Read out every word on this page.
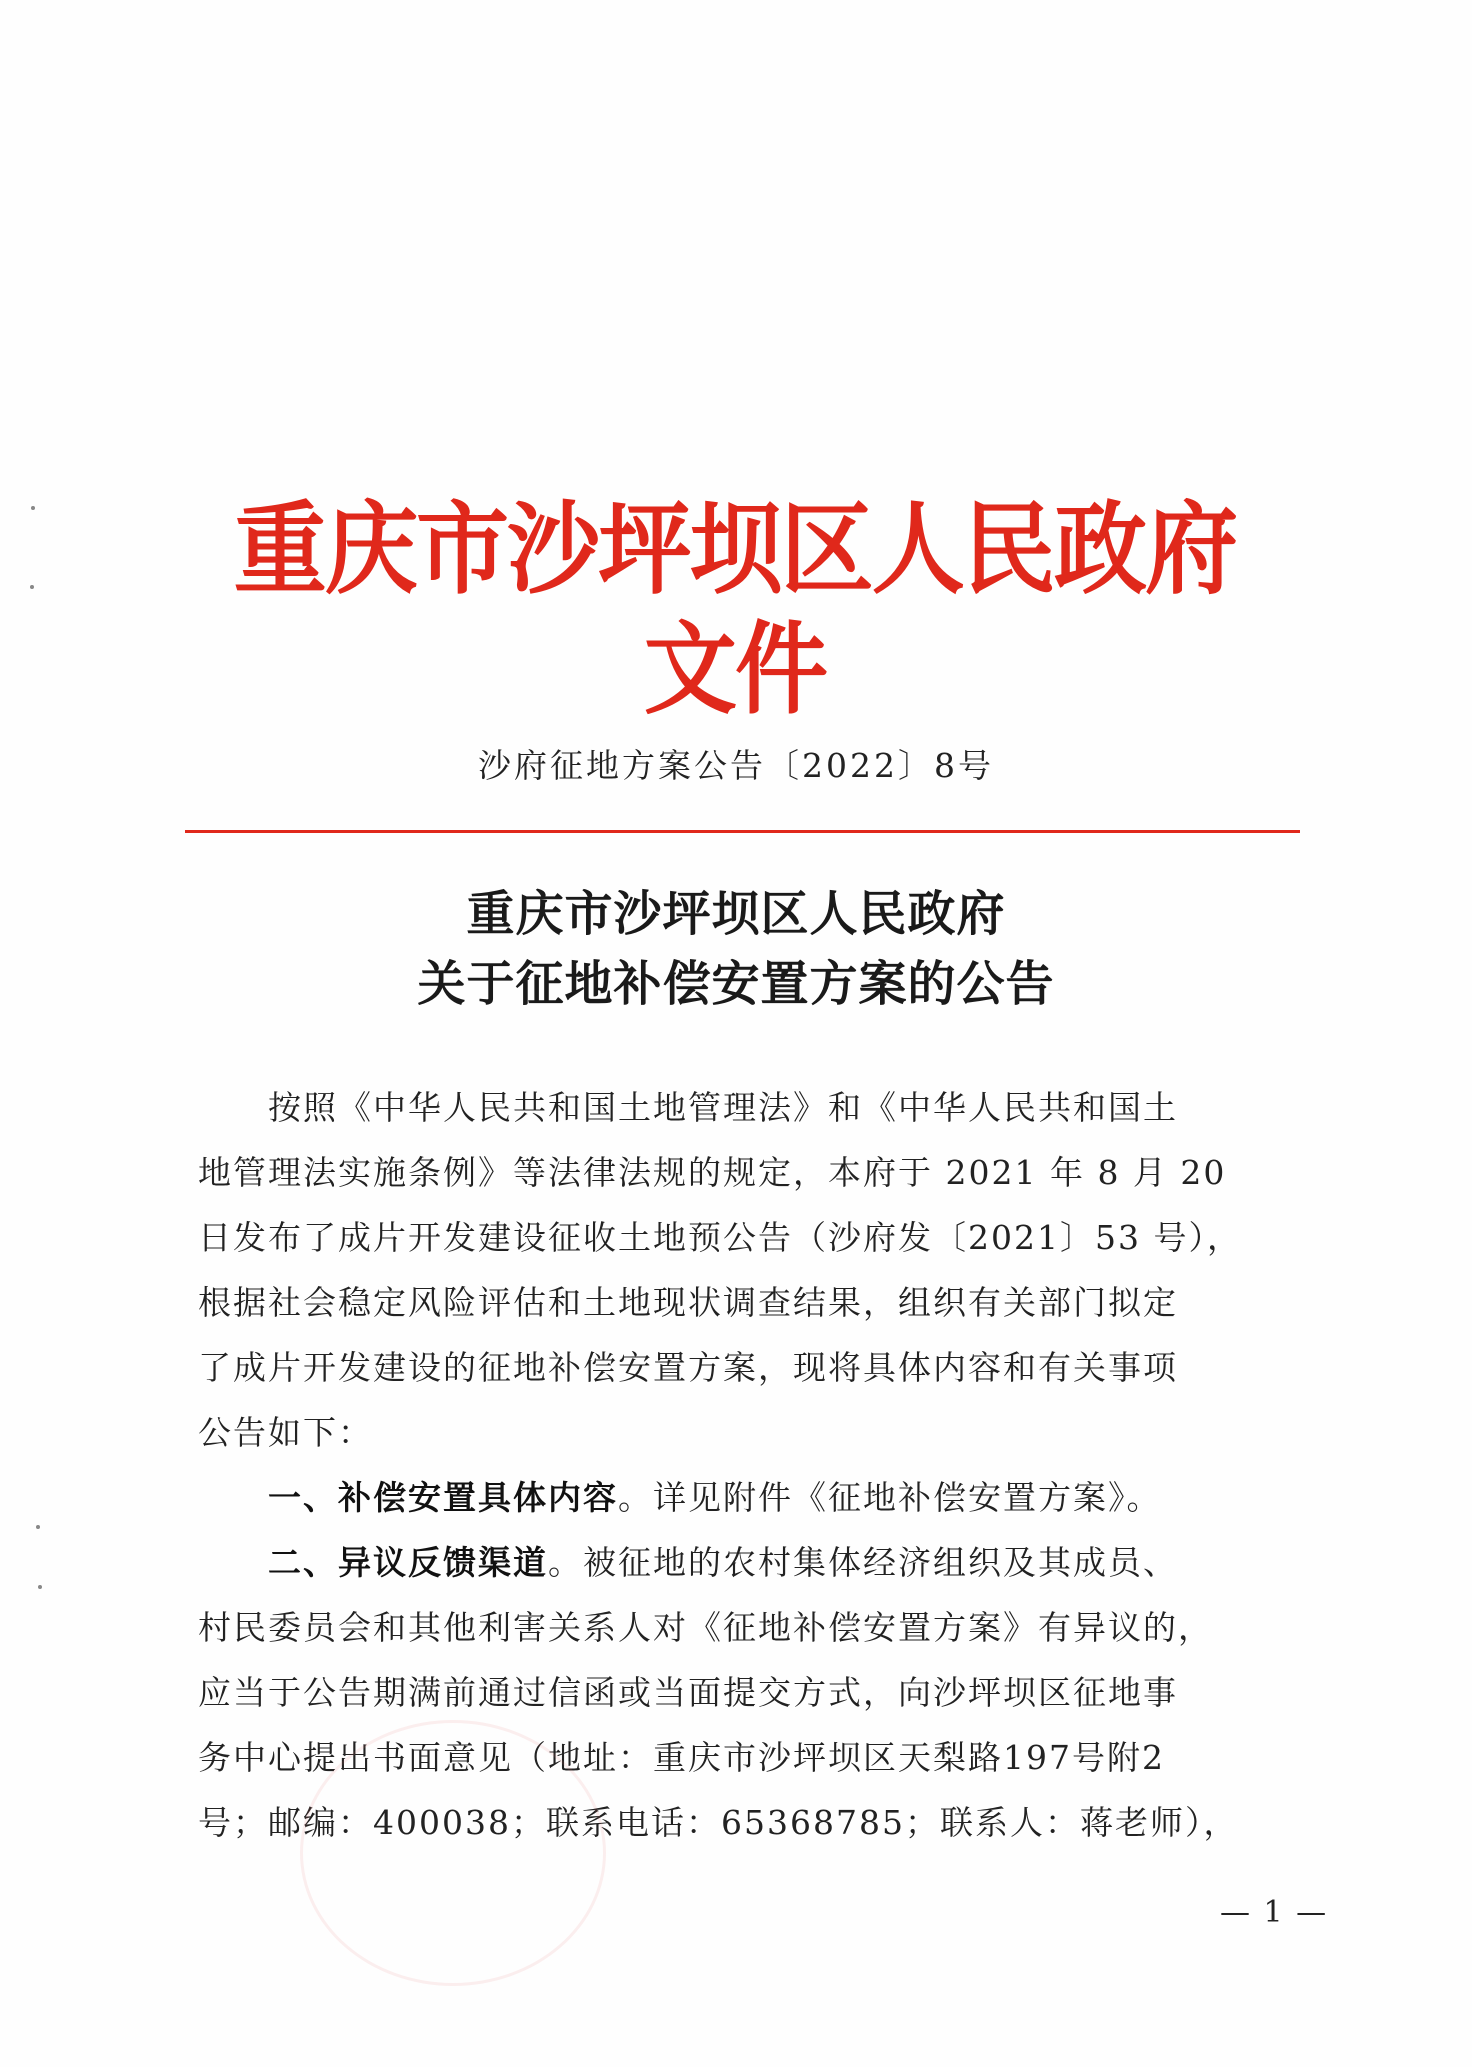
重庆市沙坪坝区人民政府文件
沙府征地方案公告〔2022〕8号
重庆市沙坪坝区人民政府
关于征地补偿安置方案的公告
按照《中华人民共和国土地管理法》和《中华人民共和国土
地管理法实施条例》等法律法规的规定，本府于 2021 年 8 月 20
日发布了成片开发建设征收土地预公告（沙府发〔2021〕53 号），
根据社会稳定风险评估和土地现状调查结果，组织有关部门拟定
了成片开发建设的征地补偿安置方案，现将具体内容和有关事项
公告如下：
一、补偿安置具体内容。详见附件《征地补偿安置方案》。
二、异议反馈渠道。被征地的农村集体经济组织及其成员、
村民委员会和其他利害关系人对《征地补偿安置方案》有异议的，
应当于公告期满前通过信函或当面提交方式，向沙坪坝区征地事
务中心提出书面意见（地址：重庆市沙坪坝区天梨路197号附2
号；邮编：400038；联系电话：65368785；联系人：蒋老师），
— 1 —
